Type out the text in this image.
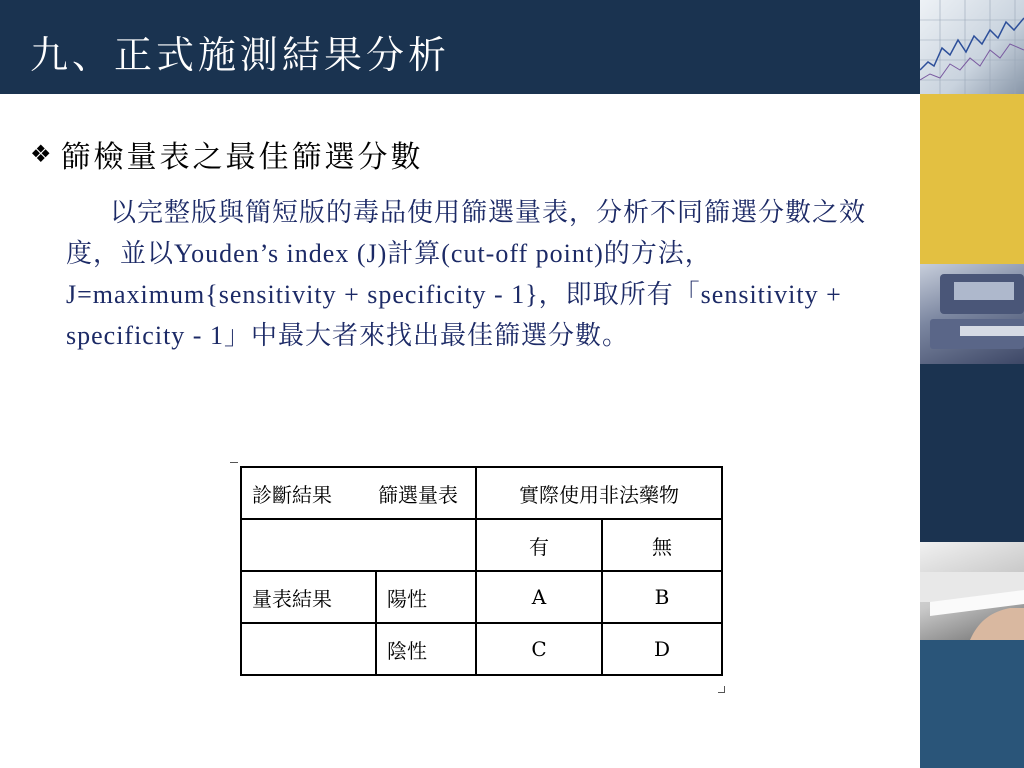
九、正式施測結果分析
❖ 篩檢量表之最佳篩選分數
以完整版與簡短版的毒品使用篩選量表，分析不同篩選分數之效度，並以Youden’s index (J)計算(cut-off point)的方法，J=maximum{sensitivity + specificity - 1}，即取所有「sensitivity + specificity - 1」中最大者來找出最佳篩選分數。
診斷結果 篩選量表		實際使用非法藥物	
		有	無
量表結果	陽性	A	B
	陰性	C	D
